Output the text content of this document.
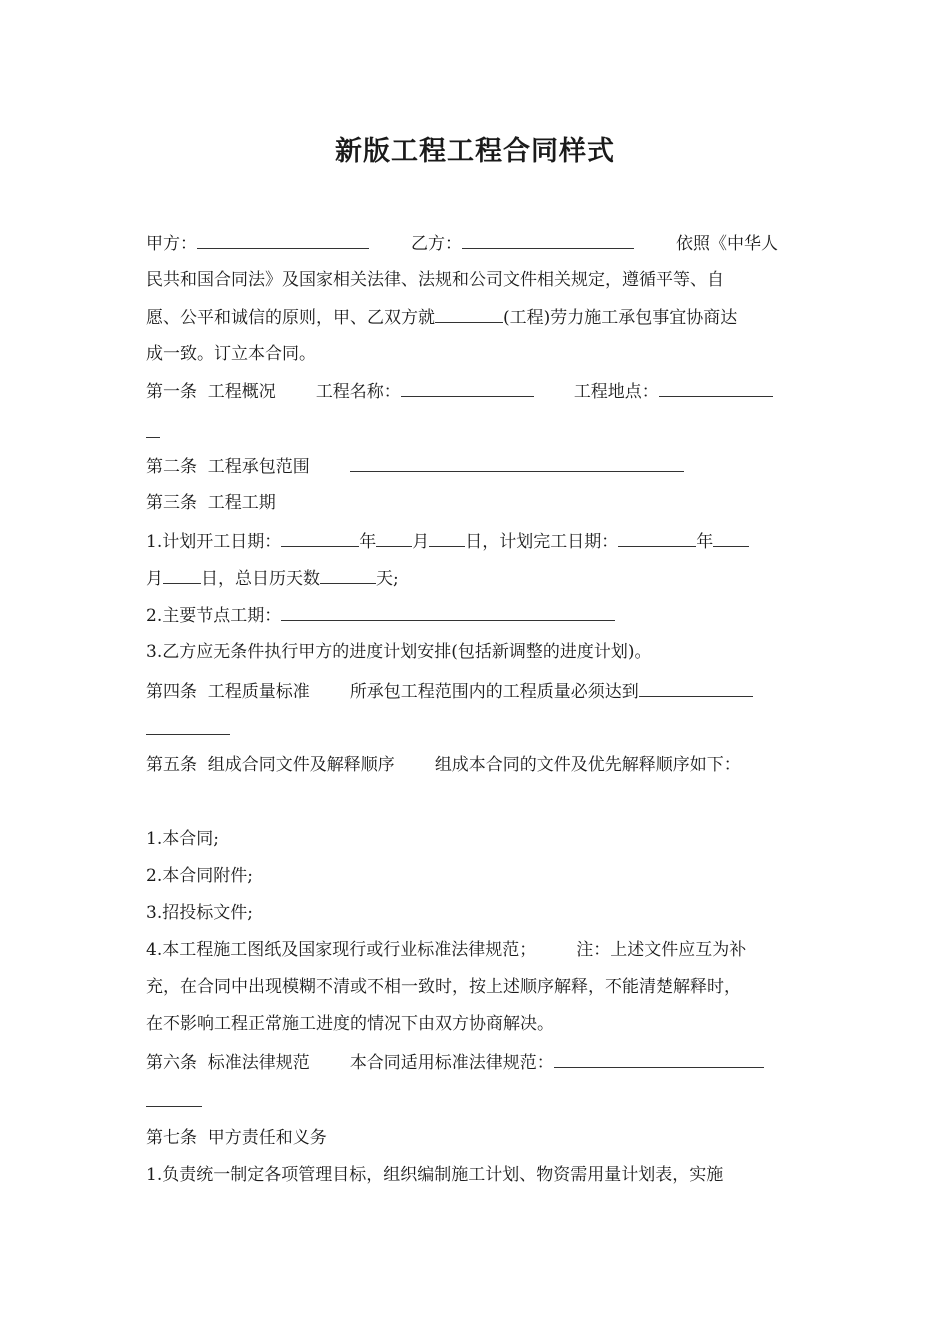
新版工程工程合同样式
甲方：	乙方：	依照《中华人
民共和国合同法》及国家相关法律、法规和公司文件相关规定，遵循平等、自
愿、公平和诚信的原则，甲、乙双方就	(工程)劳力施工承包事宜协商达
成一致。订立本合同。
第一条  工程概况 工程名称：	工程地点：
第二条  工程承包范围
第三条  工程工期
1.计划开工日期：	年 月 日，计划完工日期：	年
月 日，总日历天数	天;
2.主要节点工期：
3.乙方应无条件执行甲方的进度计划安排(包括新调整的进度计划)。
第四条  工程质量标准 所承包工程范围内的工程质量必须达到
第五条  组成合同文件及解释顺序 组成本合同的文件及优先解释顺序如下：
1.本合同;
2.本合同附件;
3.招投标文件;
4.本工程施工图纸及国家现行或行业标准法律规范； 注：上述文件应互为补
充，在合同中出现模糊不清或不相一致时，按上述顺序解释，不能清楚解释时，
在不影响工程正常施工进度的情况下由双方协商解决。
第六条  标准法律规范 本合同适用标准法律规范：
第七条  甲方责任和义务
1.负责统一制定各项管理目标，组织编制施工计划、物资需用量计划表，实施
